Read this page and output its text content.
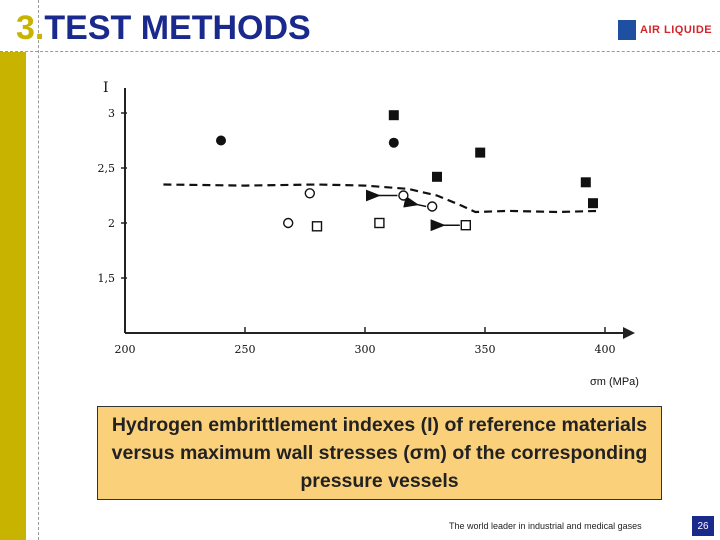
3.TEST METHODS	AIR LIQUIDE
I
200	250	300	350	400
1,5
2
2,5
3
σm (MPa)
Hydrogen embrittlement indexes (I) of reference materials versus maximum wall stresses (σm) of the corresponding pressure vessels
The world leader in industrial and medical gases	26
